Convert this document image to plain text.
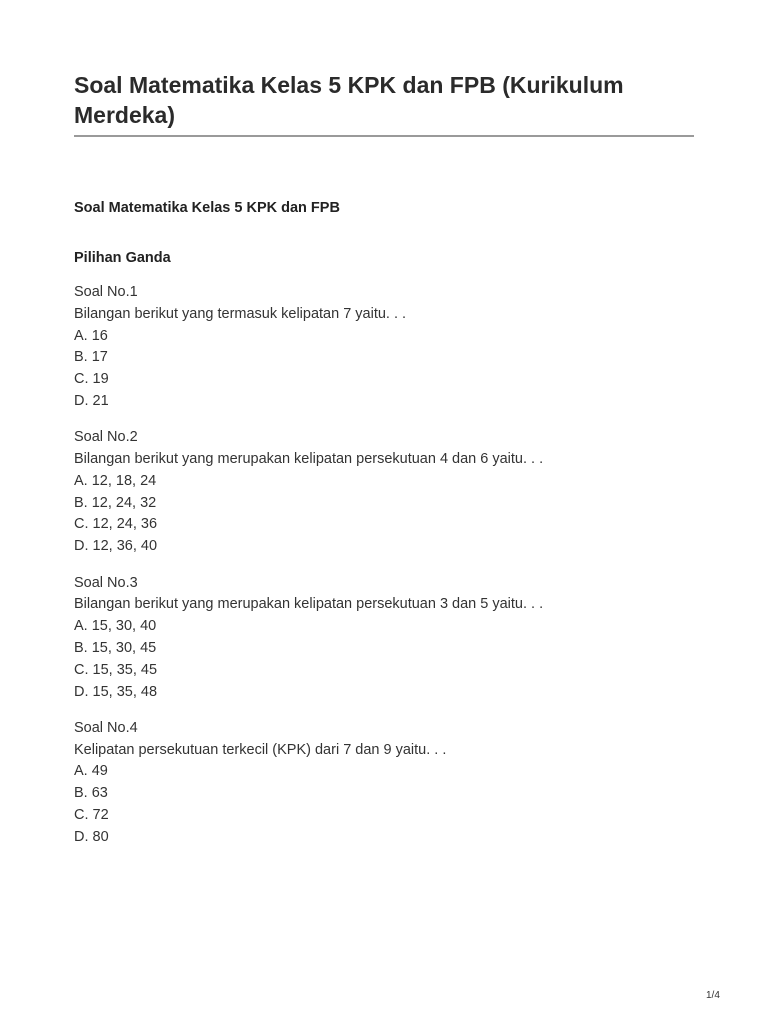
Soal Matematika Kelas 5 KPK dan FPB (Kurikulum Merdeka)
Soal Matematika Kelas 5 KPK dan FPB
Pilihan Ganda
Soal No.1
Bilangan berikut yang termasuk kelipatan 7 yaitu. . .
A. 16
B. 17
C. 19
D. 21
Soal No.2
Bilangan berikut yang merupakan kelipatan persekutuan 4 dan 6 yaitu. . .
A. 12, 18, 24
B. 12, 24, 32
C. 12, 24, 36
D. 12, 36, 40
Soal No.3
Bilangan berikut yang merupakan kelipatan persekutuan 3 dan 5 yaitu. . .
A. 15, 30, 40
B. 15, 30, 45
C. 15, 35, 45
D. 15, 35, 48
Soal No.4
Kelipatan persekutuan terkecil (KPK) dari 7 dan 9 yaitu. . .
A. 49
B. 63
C. 72
D. 80
1/4
